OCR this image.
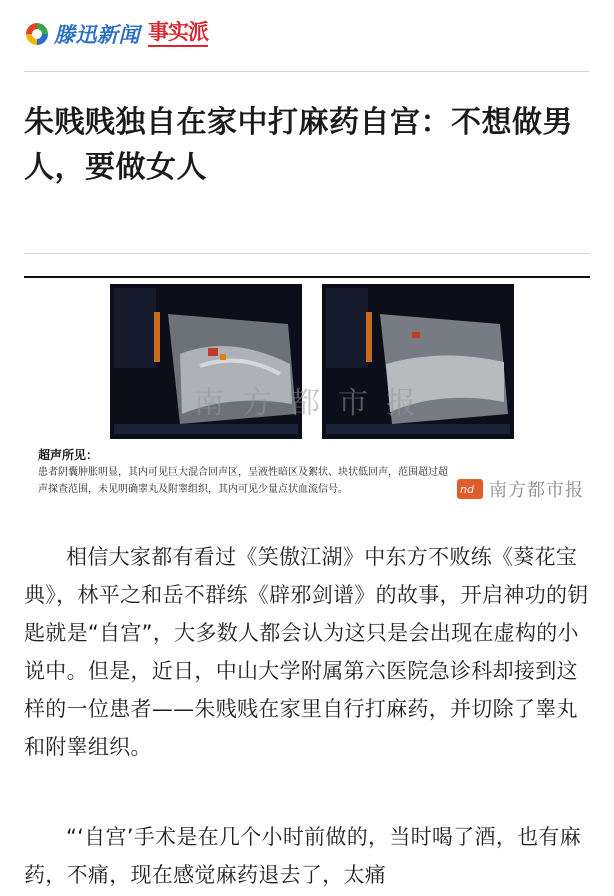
滕迅新闻 事实派
朱贱贱独自在家中打麻药自宫：不想做男人，要做女人
南方都市报
超声所见：
患者阴囊肿胀明显，其内可见巨大混合回声区，呈液性暗区及絮状、块状低回声，范围超过超声探查范围，未见明确睾丸及附睾组织，其内可见少量点状血流信号。	nd 南方都市报

相信大家都有看过《笑傲江湖》中东方不败练《葵花宝典》，林平之和岳不群练《辟邪剑谱》的故事，开启神功的钥匙就是“自宫”，大多数人都会认为这只是会出现在虚构的小说中。但是，近日，中山大学附属第六医院急诊科却接到这样的一位患者——朱贱贱在家里自行打麻药，并切除了睾丸和附睾组织。

“‘自宫’手术是在几个小时前做的，当时喝了酒，也有麻药，不痛，现在感觉麻药退去了，太痛
